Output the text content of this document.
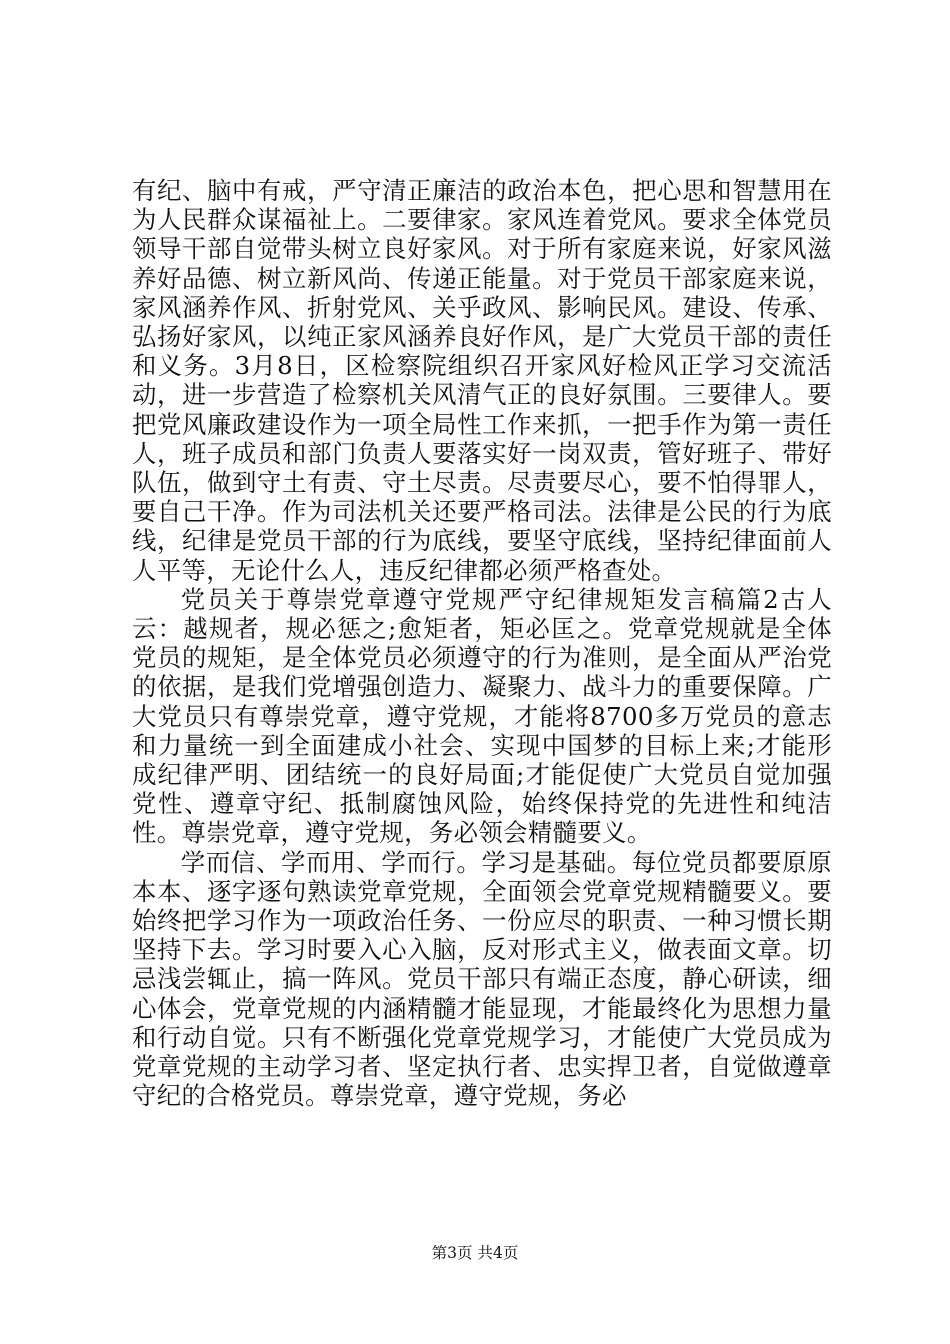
有纪、脑中有戒，严守清正廉洁的政治本色，把心思和智慧用在为人民群众谋福祉上。二要律家。家风连着党风。要求全体党员领导干部自觉带头树立良好家风。对于所有家庭来说，好家风滋养好品德、树立新风尚、传递正能量。对于党员干部家庭来说，家风涵养作风、折射党风、关乎政风、影响民风。建设、传承、弘扬好家风，以纯正家风涵养良好作风，是广大党员干部的责任和义务。3月8日，区检察院组织召开家风好检风正学习交流活动，进一步营造了检察机关风清气正的良好氛围。三要律人。要把党风廉政建设作为一项全局性工作来抓，一把手作为第一责任人，班子成员和部门负责人要落实好一岗双责，管好班子、带好队伍，做到守土有责、守土尽责。尽责要尽心，要不怕得罪人，要自己干净。作为司法机关还要严格司法。法律是公民的行为底线，纪律是党员干部的行为底线，要坚守底线，坚持纪律面前人人平等，无论什么人，违反纪律都必须严格查处。

党员关于尊崇党章遵守党规严守纪律规矩发言稿篇2古人云：越规者，规必惩之;愈矩者，矩必匡之。党章党规就是全体党员的规矩，是全体党员必须遵守的行为准则，是全面从严治党的依据，是我们党增强创造力、凝聚力、战斗力的重要保障。广大党员只有尊崇党章，遵守党规，才能将8700多万党员的意志和力量统一到全面建成小社会、实现中国梦的目标上来;才能形成纪律严明、团结统一的良好局面;才能促使广大党员自觉加强党性、遵章守纪、抵制腐蚀风险，始终保持党的先进性和纯洁性。尊崇党章，遵守党规，务必领会精髓要义。

学而信、学而用、学而行。学习是基础。每位党员都要原原本本、逐字逐句熟读党章党规，全面领会党章党规精髓要义。要始终把学习作为一项政治任务、一份应尽的职责、一种习惯长期坚持下去。学习时要入心入脑，反对形式主义，做表面文章。切忌浅尝辄止，搞一阵风。党员干部只有端正态度，静心研读，细心体会，党章党规的内涵精髓才能显现，才能最终化为思想力量和行动自觉。只有不断强化党章党规学习，才能使广大党员成为党章党规的主动学习者、坚定执行者、忠实捍卫者，自觉做遵章守纪的合格党员。尊崇党章，遵守党规，务必

第3页 共4页
